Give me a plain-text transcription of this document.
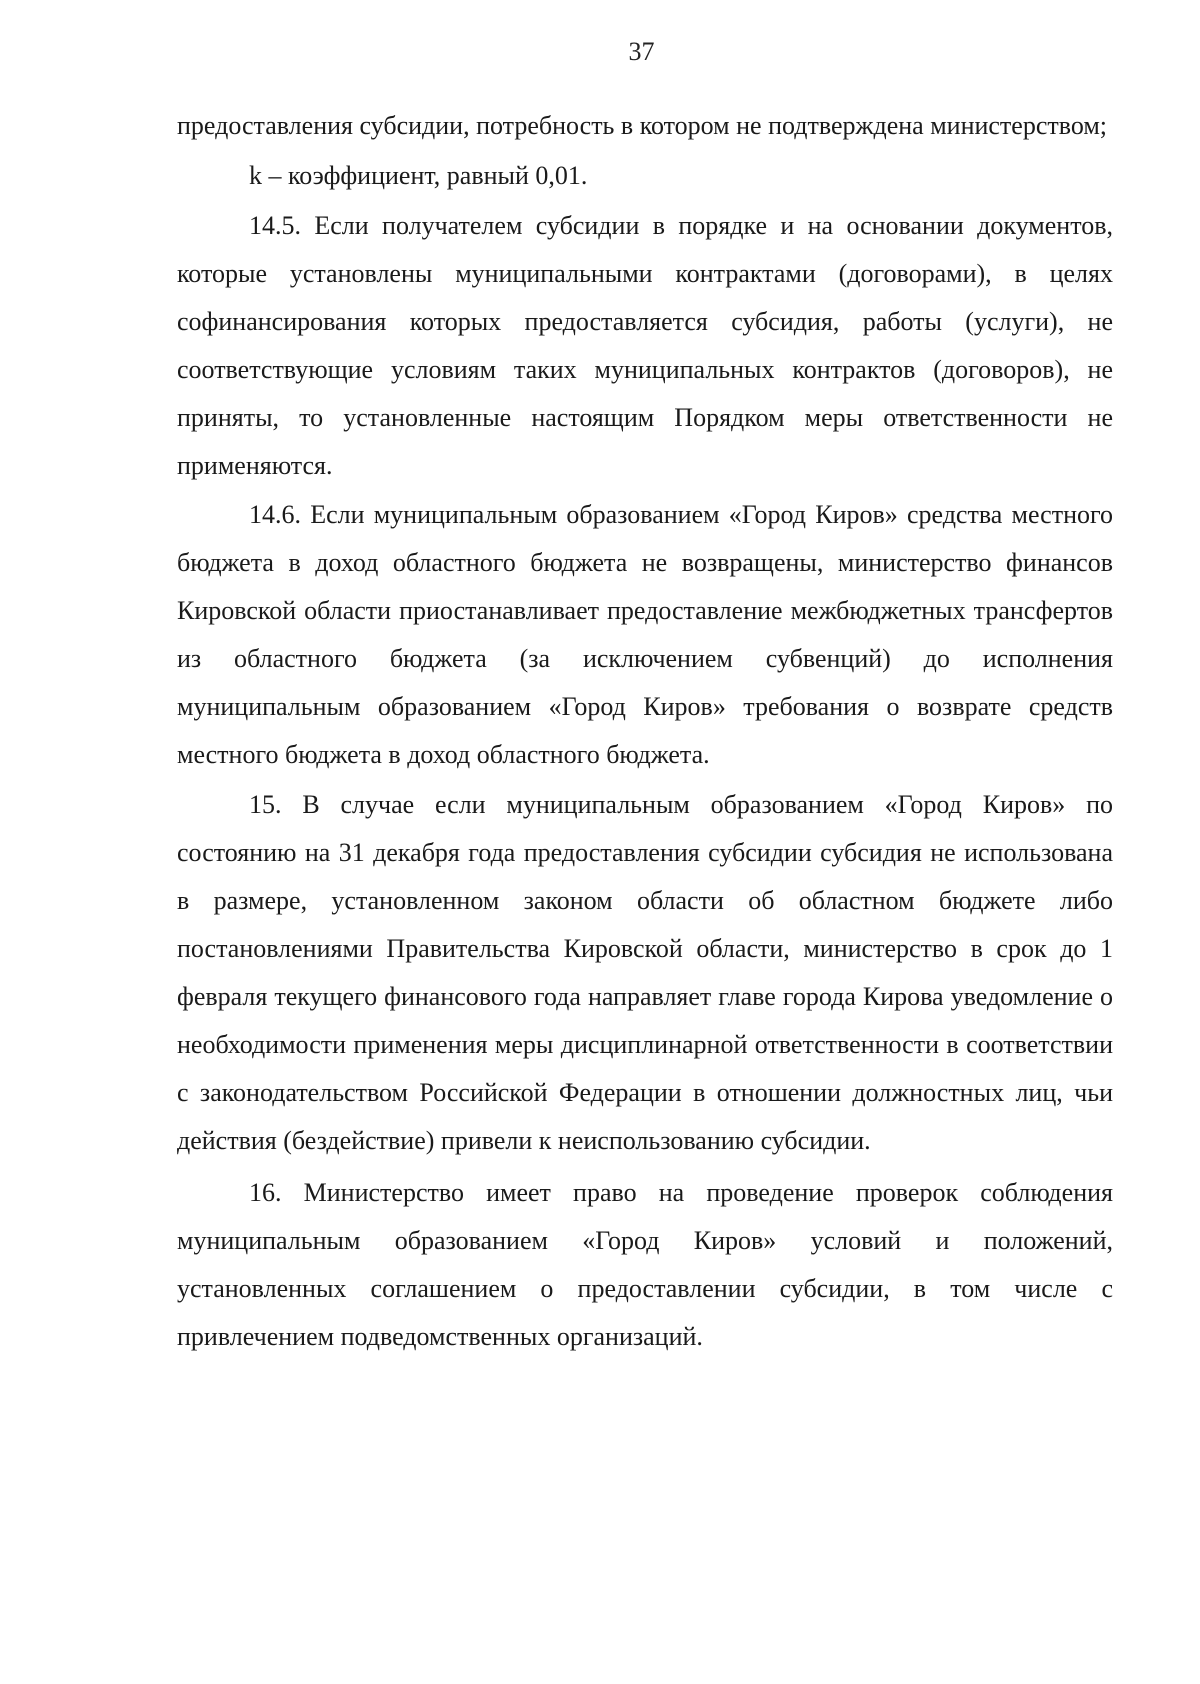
37

предоставления субсидии, потребность в котором не подтверждена министерством;

k – коэффициент, равный 0,01.

14.5. Если получателем субсидии в порядке и на основании документов, которые установлены муниципальными контрактами (договорами), в целях софинансирования которых предоставляется субсидия, работы (услуги), не соответствующие условиям таких муниципальных контрактов (договоров), не приняты, то установленные настоящим Порядком меры ответственности не применяются.

14.6. Если муниципальным образованием «Город Киров» средства местного бюджета в доход областного бюджета не возвращены, министерство финансов Кировской области приостанавливает предоставление межбюджетных трансфертов из областного бюджета (за исключением субвенций) до исполнения муниципальным образованием «Город Киров» требования о возврате средств местного бюджета в доход областного бюджета.

15. В случае если муниципальным образованием «Город Киров» по состоянию на 31 декабря года предоставления субсидии субсидия не использована в размере, установленном законом области об областном бюджете либо постановлениями Правительства Кировской области, министерство в срок до 1 февраля текущего финансового года направляет главе города Кирова уведомление о необходимости применения меры дисциплинарной ответственности в соответствии с законодательством Российской Федерации в отношении должностных лиц, чьи действия (бездействие) привели к неиспользованию субсидии.

16. Министерство имеет право на проведение проверок соблюдения муниципальным образованием «Город Киров» условий и положений, установленных соглашением о предоставлении субсидии, в том числе с привлечением подведомственных организаций.
